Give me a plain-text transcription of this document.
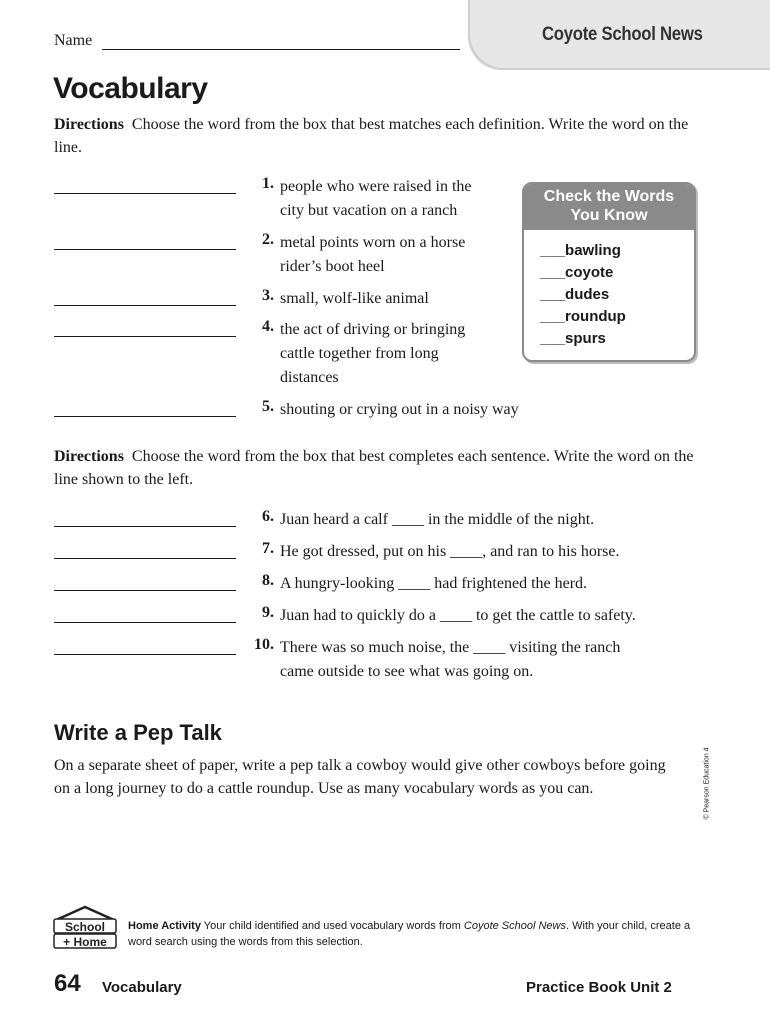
Coyote School News
Name
Vocabulary
Directions Choose the word from the box that best matches each definition. Write the word on the line.
1. people who were raised in the
city but vacation on a ranch
2. metal points worn on a horse
rider’s boot heel
3. small, wolf-like animal
4. the act of driving or bringing
cattle together from long
distances
5. shouting or crying out in a noisy way
Check the Words
You Know
___bawling
___coyote
___dudes
___roundup
___spurs
Directions Choose the word from the box that best completes each sentence. Write the word on the line shown to the left.
6. Juan heard a calf ____ in the middle of the night.
7. He got dressed, put on his ____, and ran to his horse.
8. A hungry-looking ____ had frightened the herd.
9. Juan had to quickly do a ____ to get the cattle to safety.
10. There was so much noise, the ____ visiting the ranch
came outside to see what was going on.
Write a Pep Talk
On a separate sheet of paper, write a pep talk a cowboy would give other cowboys before going on a long journey to do a cattle roundup. Use as many vocabulary words as you can.	© Pearson Education 4
School
+ Home
Home Activity Your child identified and used vocabulary words from Coyote School News. With your child, create a word search using the words from this selection.
64 Vocabulary	Practice Book Unit 2
